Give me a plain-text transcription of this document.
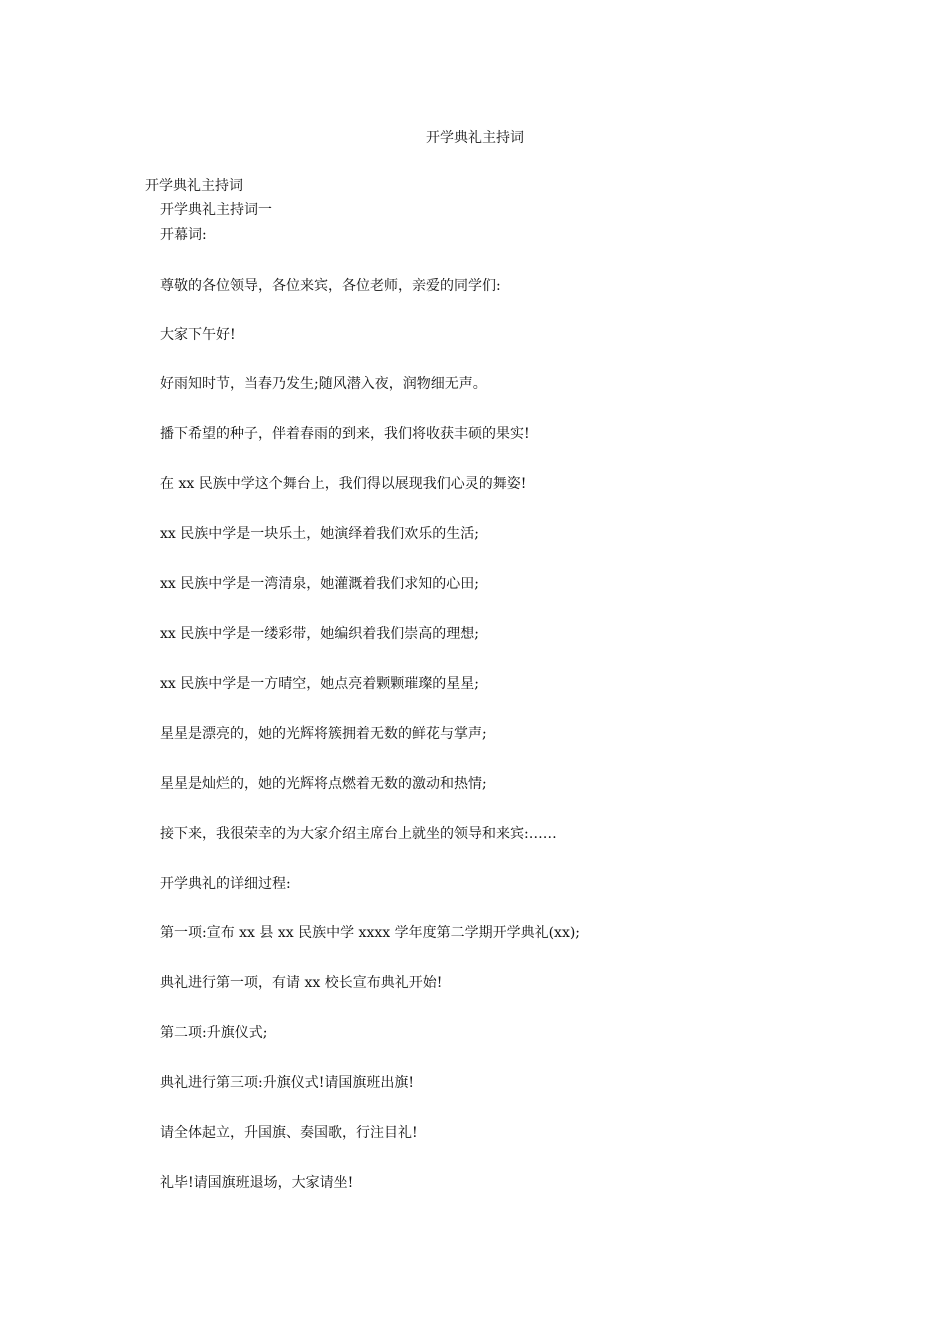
开学典礼主持词
开学典礼主持词
开学典礼主持词一
开幕词:
尊敬的各位领导，各位来宾，各位老师，亲爱的同学们:
大家下午好!
好雨知时节，当春乃发生;随风潜入夜，润物细无声。
播下希望的种子，伴着春雨的到来，我们将收获丰硕的果实!
在 xx 民族中学这个舞台上，我们得以展现我们心灵的舞姿!
xx 民族中学是一块乐土，她演绎着我们欢乐的生活;
xx 民族中学是一湾清泉，她灌溉着我们求知的心田;
xx 民族中学是一缕彩带，她编织着我们崇高的理想;
xx 民族中学是一方晴空，她点亮着颗颗璀璨的星星;
星星是漂亮的，她的光辉将簇拥着无数的鲜花与掌声;
星星是灿烂的，她的光辉将点燃着无数的激动和热情;
接下来，我很荣幸的为大家介绍主席台上就坐的领导和来宾:……
开学典礼的详细过程:
第一项:宣布 xx 县 xx 民族中学 xxxx 学年度第二学期开学典礼(xx);
典礼进行第一项，有请 xx 校长宣布典礼开始!
第二项:升旗仪式;
典礼进行第三项:升旗仪式!请国旗班出旗!
请全体起立，升国旗、奏国歌，行注目礼!
礼毕!请国旗班退场，大家请坐!
